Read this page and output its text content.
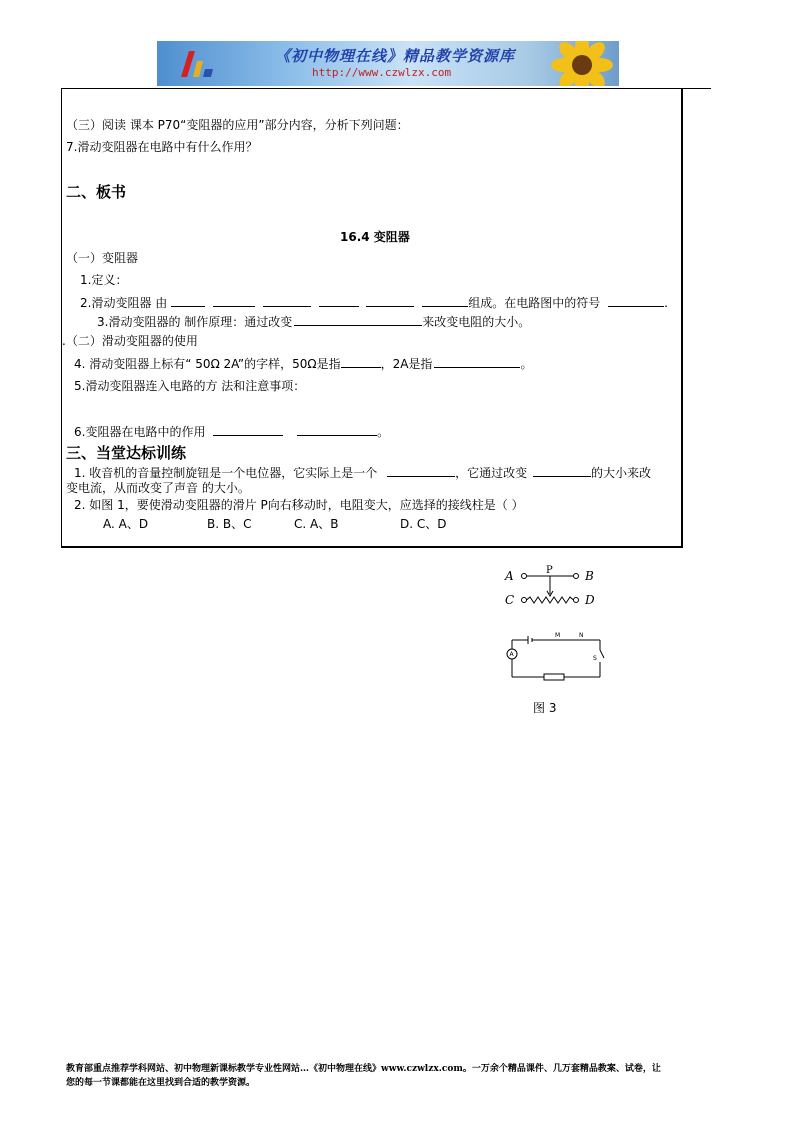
《初中物理在线》精品教学资源库
http://www.czwlzx.com
（三）阅读 课本 P70“变阻器的应用”部分内容，分析下列问题：
7.滑动变阻器在电路中有什么作用？
二、板书
16.4 变阻器
（一）变阻器
1.定义：
2.滑动变阻器 由	组成。在电路图中的符号	.
3.滑动变阻器的 制作原理：通过改变	来改变电阻的大小。
.（二）滑动变阻器的使用
4. 滑动变阻器上标有“ 50Ω 2A”的字样，50Ω是指	，2A是指	。
5.滑动变阻器连入电路的方 法和注意事项：
6.变阻器在电路中的作用	。
三、当堂达标训练
1. 收音机的音量控制旋钮是一个电位器，它实际上是一个	，它通过改变	的大小来改
变电流，从而改变了声音 的大小。
2. 如图 1，要使滑动变阻器的滑片 P向右移动时，电阻变大，应选择的接线柱是（ ）
A. A、D	B. B、C	C. A、B	D. C、D
A	B
C	D
P
A
M	N
S
图 3
教育部重点推荐学科网站、初中物理新课标教学专业性网站…《初中物理在线》www.czwlzx.com。一万余个精品课件、几万套精品教案、试卷，让
您的每一节课都能在这里找到合适的教学资源。
